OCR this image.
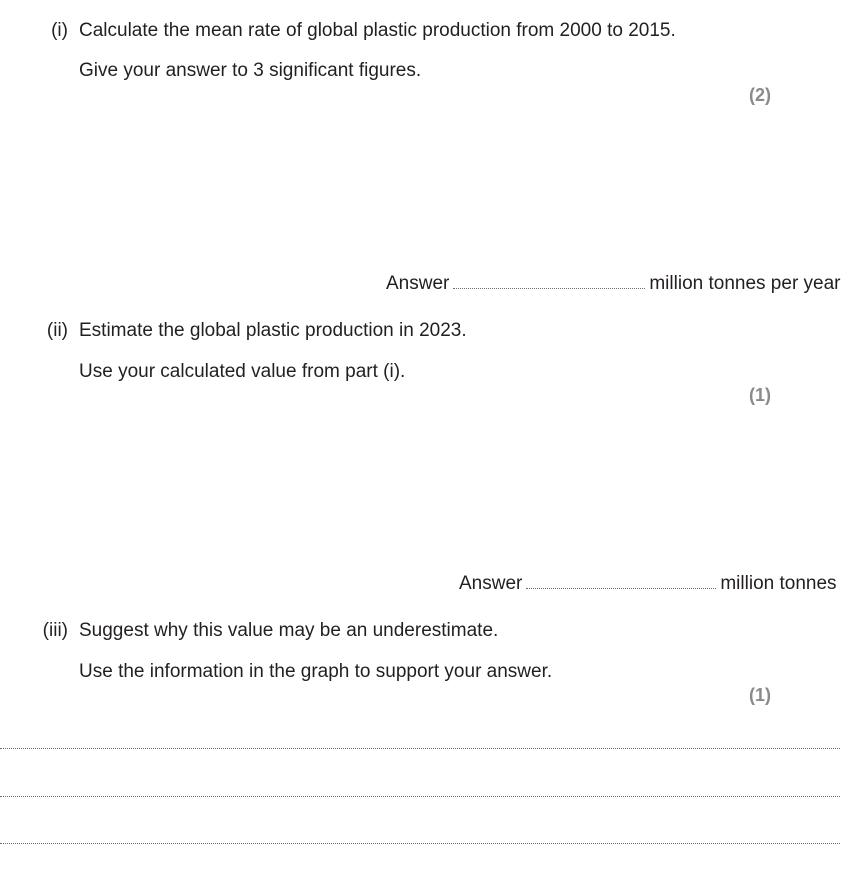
(i) Calculate the mean rate of global plastic production from 2000 to 2015.
Give your answer to 3 significant figures.
(2)
Answer	million tonnes per year
(ii) Estimate the global plastic production in 2023.
Use your calculated value from part (i).
(1)
Answer	million tonnes
(iii) Suggest why this value may be an underestimate.
Use the information in the graph to support your answer.
(1)
